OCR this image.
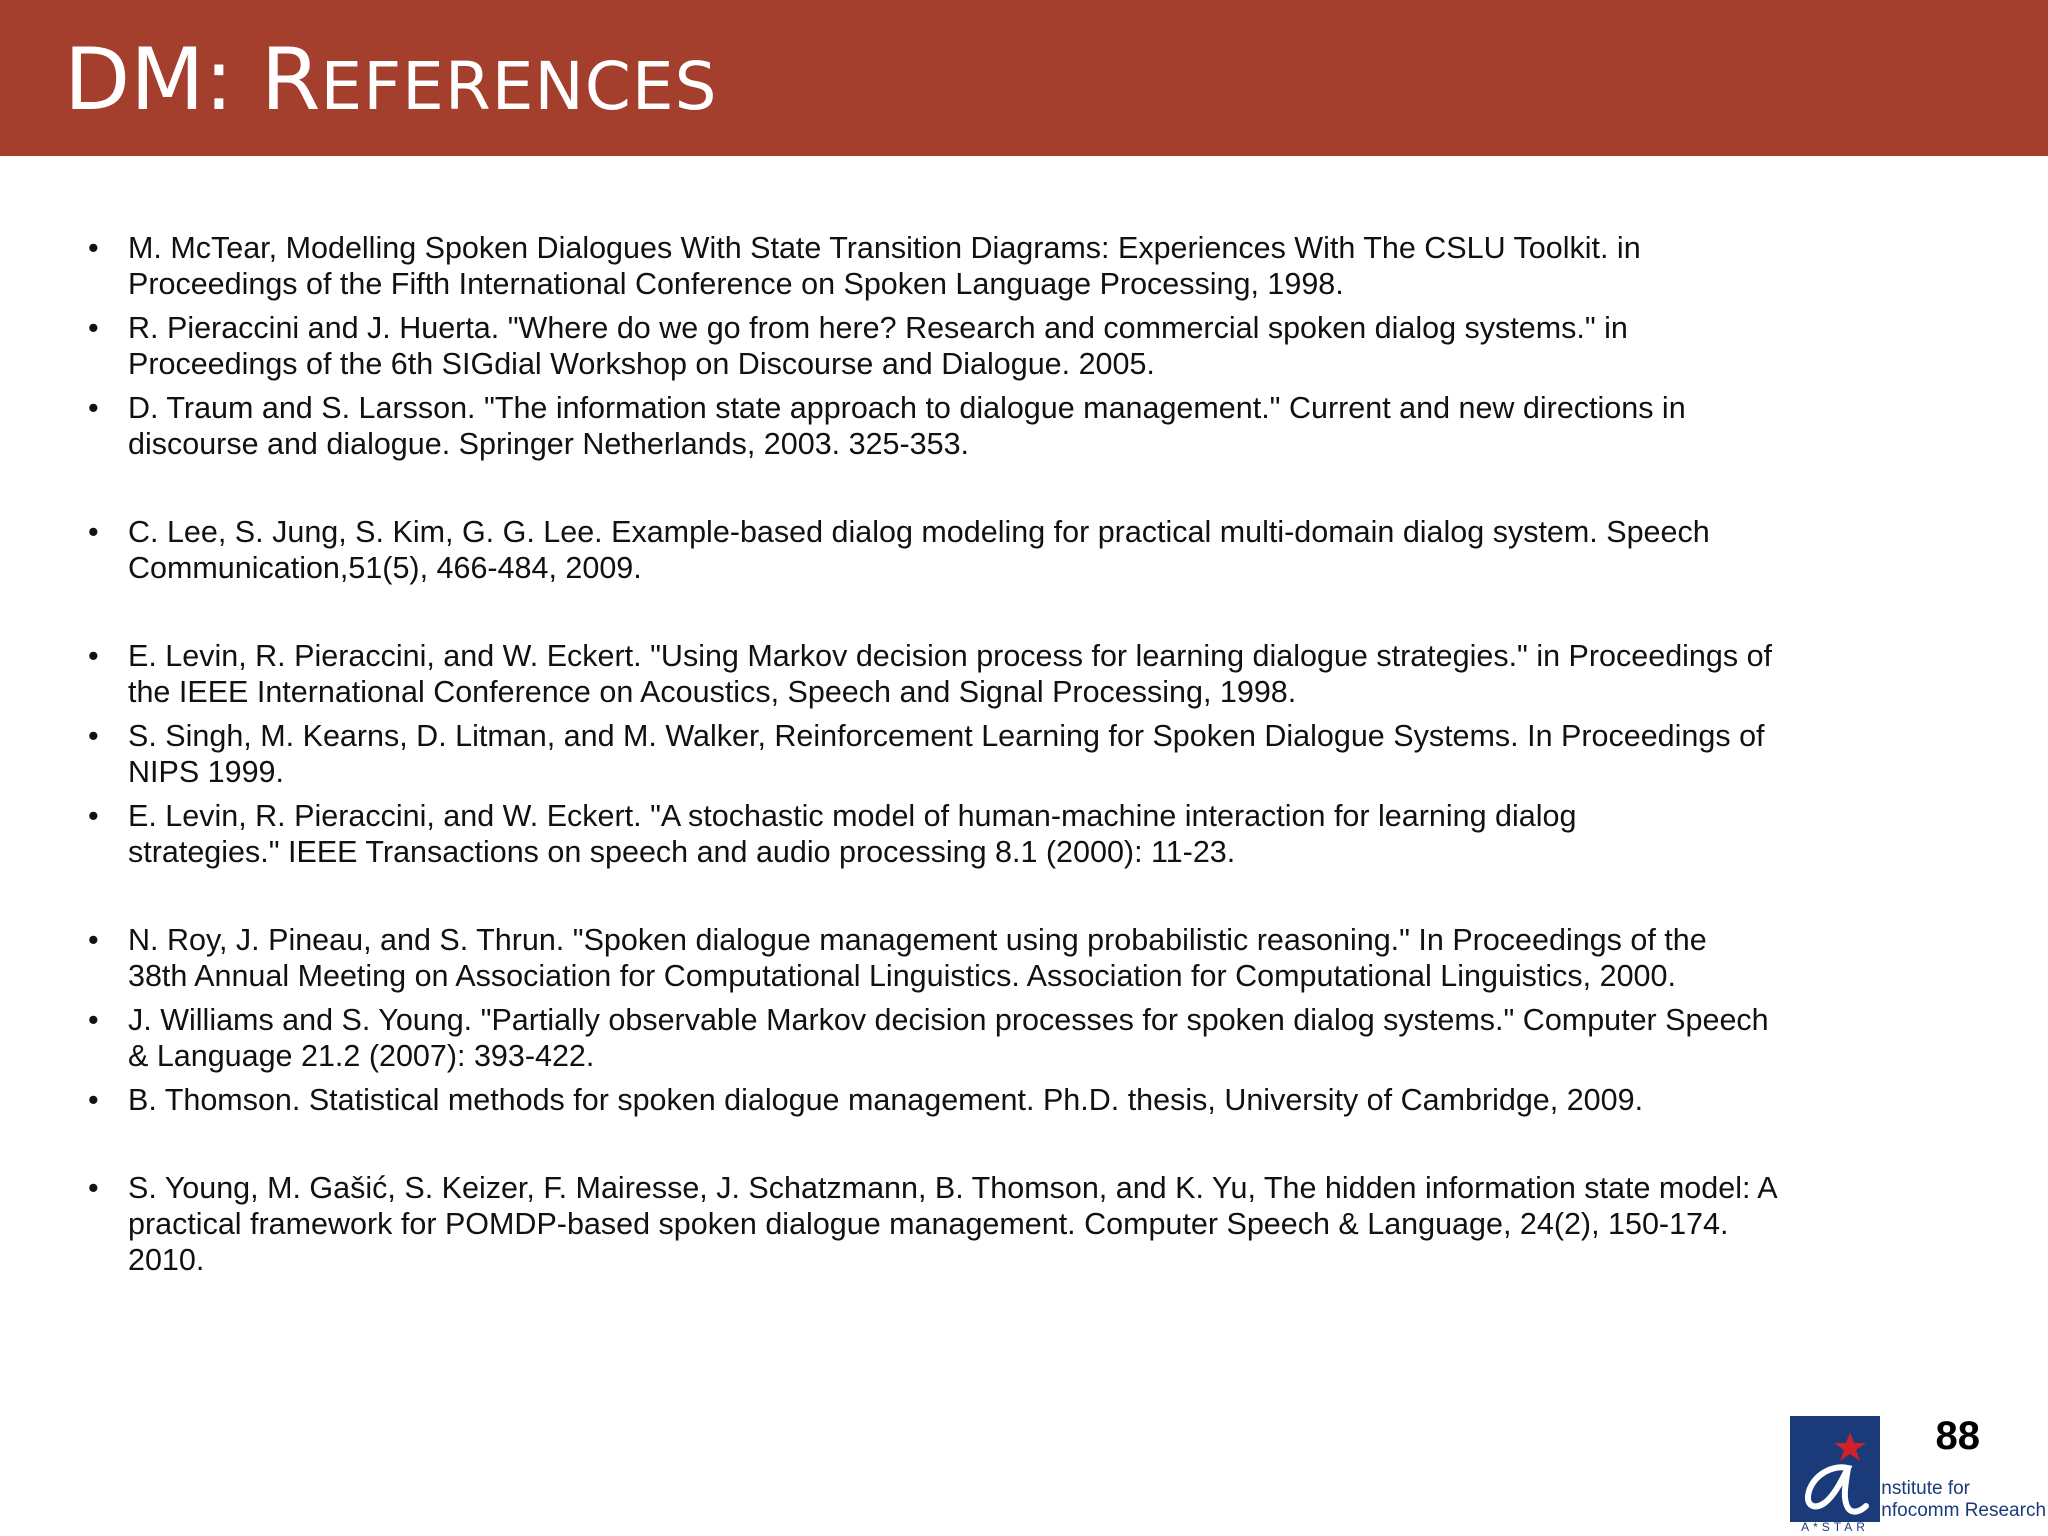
DM: REFERENCES
• M. McTear, Modelling Spoken Dialogues With State Transition Diagrams: Experiences With The CSLU Toolkit. in
Proceedings of the Fifth International Conference on Spoken Language Processing, 1998.
• R. Pieraccini and J. Huerta. "Where do we go from here? Research and commercial spoken dialog systems." in
Proceedings of the 6th SIGdial Workshop on Discourse and Dialogue. 2005.
• D. Traum and S. Larsson. "The information state approach to dialogue management." Current and new directions in
discourse and dialogue. Springer Netherlands, 2003. 325-353.
• C. Lee, S. Jung, S. Kim, G. G. Lee. Example-based dialog modeling for practical multi-domain dialog system. Speech
Communication,51(5), 466-484, 2009.
• E. Levin, R. Pieraccini, and W. Eckert. "Using Markov decision process for learning dialogue strategies." in Proceedings of
the IEEE International Conference on Acoustics, Speech and Signal Processing, 1998.
• S. Singh, M. Kearns, D. Litman, and M. Walker, Reinforcement Learning for Spoken Dialogue Systems. In Proceedings of
NIPS 1999.
• E. Levin, R. Pieraccini, and W. Eckert. "A stochastic model of human-machine interaction for learning dialog
strategies." IEEE Transactions on speech and audio processing 8.1 (2000): 11-23.
• N. Roy, J. Pineau, and S. Thrun. "Spoken dialogue management using probabilistic reasoning." In Proceedings of the
38th Annual Meeting on Association for Computational Linguistics. Association for Computational Linguistics, 2000.
• J. Williams and S. Young. "Partially observable Markov decision processes for spoken dialog systems." Computer Speech
& Language 21.2 (2007): 393-422.
• B. Thomson. Statistical methods for spoken dialogue management. Ph.D. thesis, University of Cambridge, 2009.
• S. Young, M. Gašić, S. Keizer, F. Mairesse, J. Schatzmann, B. Thomson, and K. Yu, The hidden information state model: A
practical framework for POMDP-based spoken dialogue management. Computer Speech & Language, 24(2), 150-174.
2010.
88
A*STAR
Institute for
Infocomm Research
